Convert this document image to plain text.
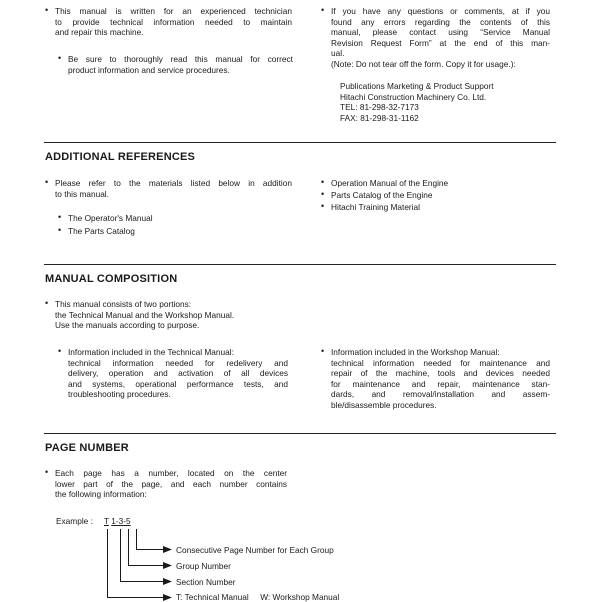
• This manual is written for an experienced technician
to provide technical information needed to maintain
and repair this machine.
• Be sure to thoroughly read this manual for correct
product information and service procedures.
• If you have any questions or comments, at if you
found any errors regarding the contents of this
manual, please contact using “Service Manual
Revision Request Form” at the end of this man-
ual.
(Note: Do not tear off the form. Copy it for usage.):
Publications Marketing & Product Support
Hitachi Construction Machinery Co. Ltd.
TEL: 81-298-32-7173
FAX: 81-298-31-1162
ADDITIONAL REFERENCES
• Please refer to the materials listed below in addition
to this manual.
• The Operator's Manual
• The Parts Catalog
• Operation Manual of the Engine
• Parts Catalog of the Engine
• Hitachi Training Material
MANUAL COMPOSITION
• This manual consists of two portions:
the Technical Manual and the Workshop Manual.
Use the manuals according to purpose.
• Information included in the Technical Manual:
technical information needed for redelivery and
delivery, operation and activation of all devices
and systems, operational performance tests, and
troubleshooting procedures.
• Information included in the Workshop Manual:
technical information needed for maintenance and
repair of the machine, tools and devices needed
for maintenance and repair, maintenance stan-
dards, and removal/installation and assem-
ble/disassemble procedures.
PAGE NUMBER
• Each page has a number, located on the center
lower part of the page, and each number contains
the following information:
Example : T 1-3-5
Consecutive Page Number for Each Group
Group Number
Section Number
T: Technical Manual     W: Workshop Manual
